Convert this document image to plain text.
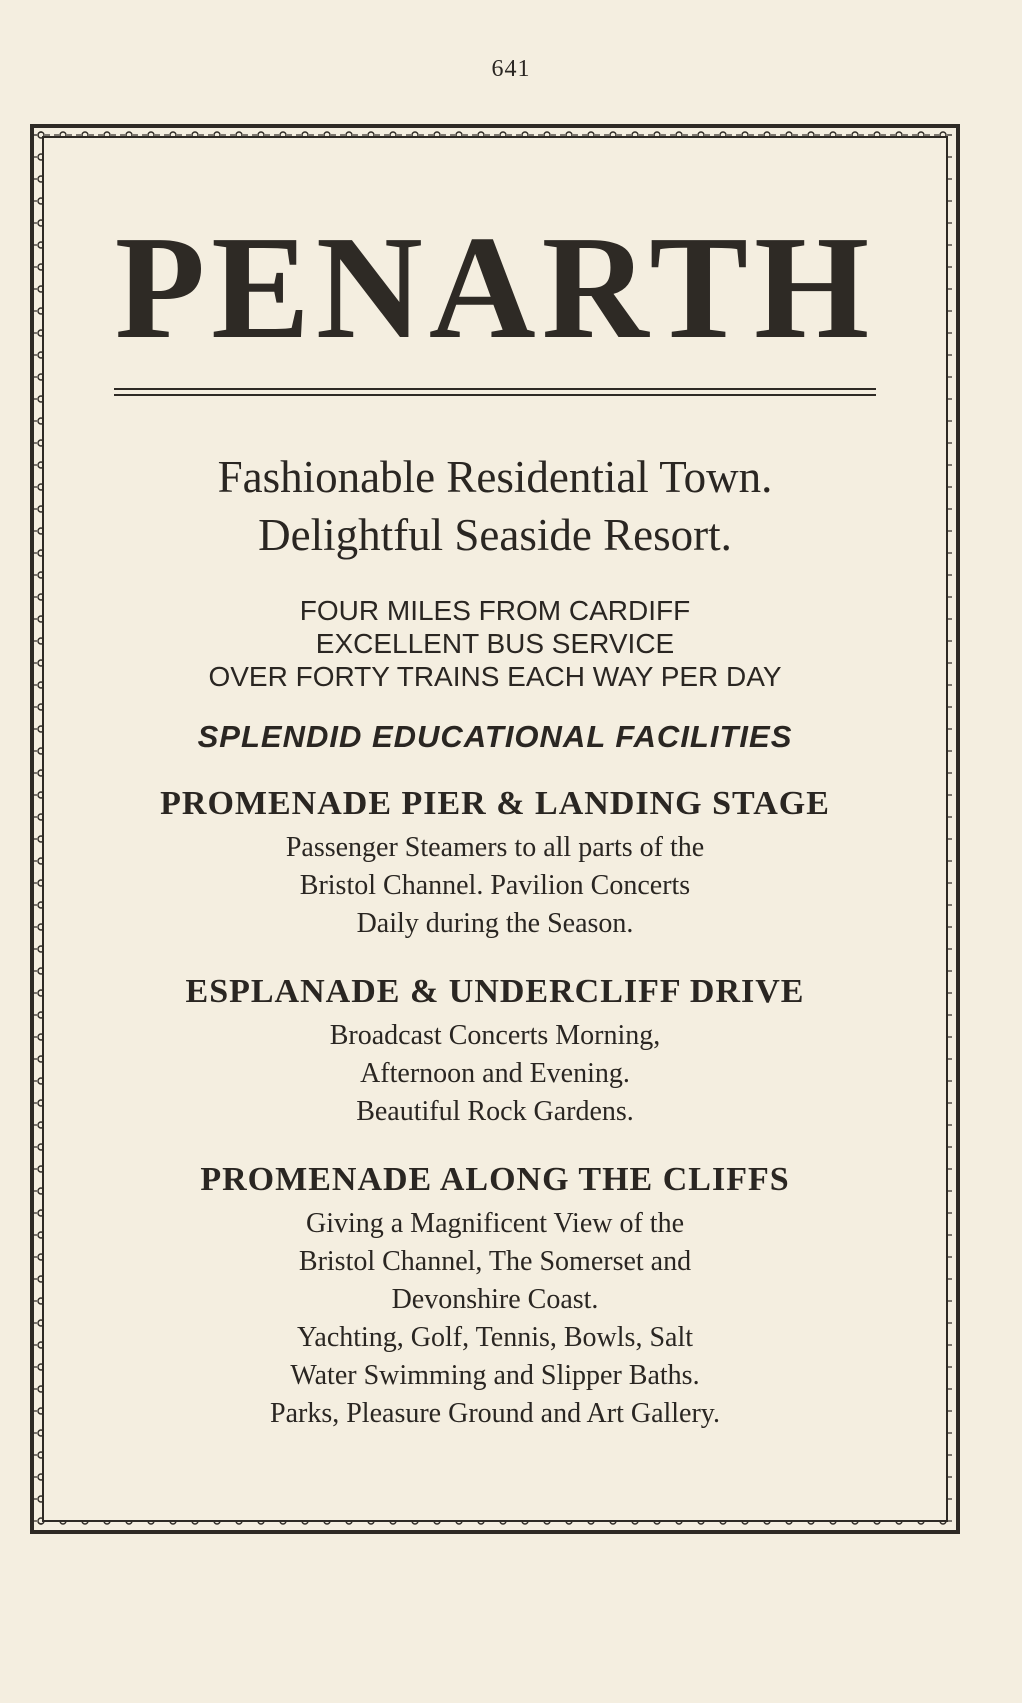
641
PENARTH
Fashionable Residential Town.
Delightful Seaside Resort.
FOUR MILES FROM CARDIFF
EXCELLENT BUS SERVICE
OVER FORTY TRAINS EACH WAY PER DAY
SPLENDID EDUCATIONAL FACILITIES
PROMENADE PIER & LANDING STAGE
Passenger Steamers to all parts of the
Bristol Channel. Pavilion Concerts
Daily during the Season.
ESPLANADE & UNDERCLIFF DRIVE
Broadcast Concerts Morning,
Afternoon and Evening.
Beautiful Rock Gardens.
PROMENADE ALONG THE CLIFFS
Giving a Magnificent View of the
Bristol Channel, The Somerset and
Devonshire Coast.
Yachting, Golf, Tennis, Bowls, Salt
Water Swimming and Slipper Baths.
Parks, Pleasure Ground and Art Gallery.
